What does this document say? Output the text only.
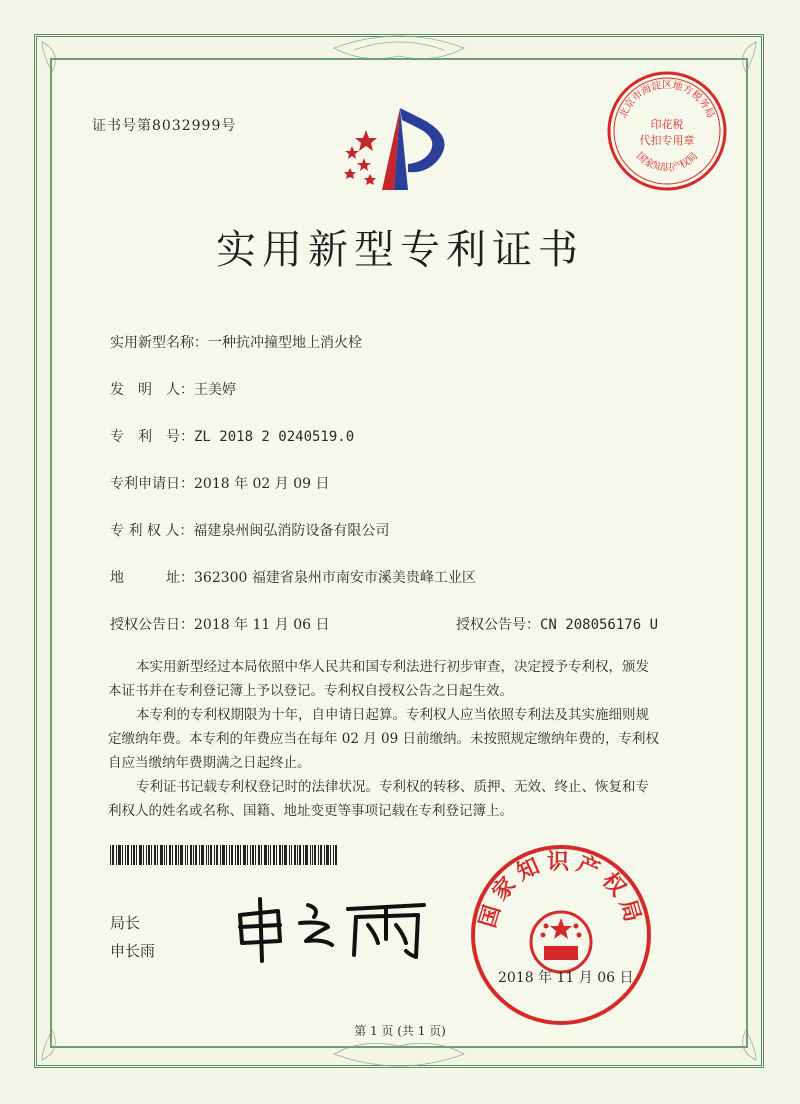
证书号第8032999号
实用新型专利证书
实用新型名称：一种抗冲撞型地上消火栓
发　明　人：王美婷
专　利　号：ZL 2018 2 0240519.0
专利申请日：2018 年 02 月 09 日
专 利 权 人：福建泉州闽弘消防设备有限公司
地　　　址：362300 福建省泉州市南安市溪美贵峰工业区
授权公告日：2018 年 11 月 06 日	授权公告号：CN 208056176 U
本实用新型经过本局依照中华人民共和国专利法进行初步审查，决定授予专利权，颁发
本证书并在专利登记簿上予以登记。专利权自授权公告之日起生效。
本专利的专利权期限为十年，自申请日起算。专利权人应当依照专利法及其实施细则规
定缴纳年费。本专利的年费应当在每年 02 月 09 日前缴纳。未按照规定缴纳年费的，专利权
自应当缴纳年费期满之日起终止。
专利证书记载专利权登记时的法律状况。专利权的转移、质押、无效、终止、恢复和专
利权人的姓名或名称、国籍、地址变更等事项记载在专利登记簿上。
局长
申长雨
北京市海淀区地方税务局
印花税
代扣专用章
国家知识产权局
国家知识产权局
2018 年 11 月 06 日
第 1 页 (共 1 页)
